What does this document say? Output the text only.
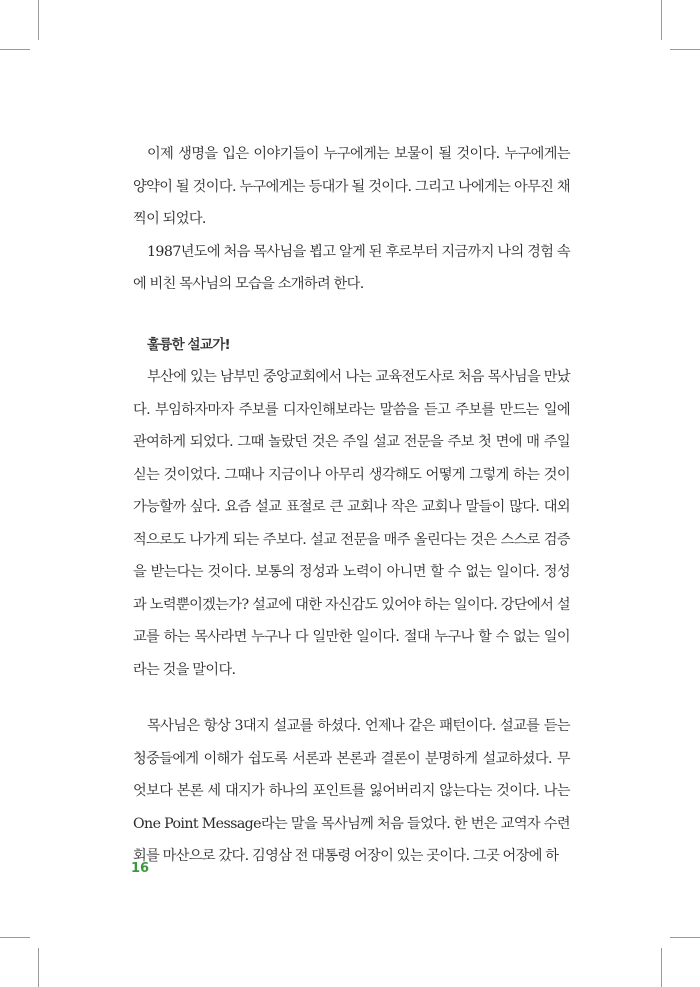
이제 생명을 입은 이야기들이 누구에게는 보물이 될 것이다. 누구에게는 양약이 될 것이다. 누구에게는 등대가 될 것이다. 그리고 나에게는 아무진 채찍이 되었다.

1987년도에 처음 목사님을 뵙고 알게 된 후로부터 지금까지 나의 경험 속에 비친 목사님의 모습을 소개하려 한다.

훌륭한 설교가!

부산에 있는 남부민 중앙교회에서 나는 교육전도사로 처음 목사님을 만났다. 부임하자마자 주보를 디자인해보라는 말씀을 듣고 주보를 만드는 일에 관여하게 되었다. 그때 놀랐던 것은 주일 설교 전문을 주보 첫 면에 매 주일 싣는 것이었다. 그때나 지금이나 아무리 생각해도 어떻게 그렇게 하는 것이 가능할까 싶다. 요즘 설교 표절로 큰 교회나 작은 교회나 말들이 많다. 대외적으로도 나가게 되는 주보다. 설교 전문을 매주 올린다는 것은 스스로 검증을 받는다는 것이다. 보통의 정성과 노력이 아니면 할 수 없는 일이다. 정성과 노력뿐이겠는가? 설교에 대한 자신감도 있어야 하는 일이다. 강단에서 설교를 하는 목사라면 누구나 다 일만한 일이다. 절대 누구나 할 수 없는 일이라는 것을 말이다.

목사님은 항상 3대지 설교를 하셨다. 언제나 같은 패턴이다. 설교를 듣는 청중들에게 이해가 쉽도록 서론과 본론과 결론이 분명하게 설교하셨다. 무엇보다 본론 세 대지가 하나의 포인트를 잃어버리지 않는다는 것이다. 나는 One Point Message라는 말을 목사님께 처음 들었다. 한 번은 교역자 수련회를 마산으로 갔다. 김영삼 전 대통령 어장이 있는 곳이다. 그곳 어장에 하

16
